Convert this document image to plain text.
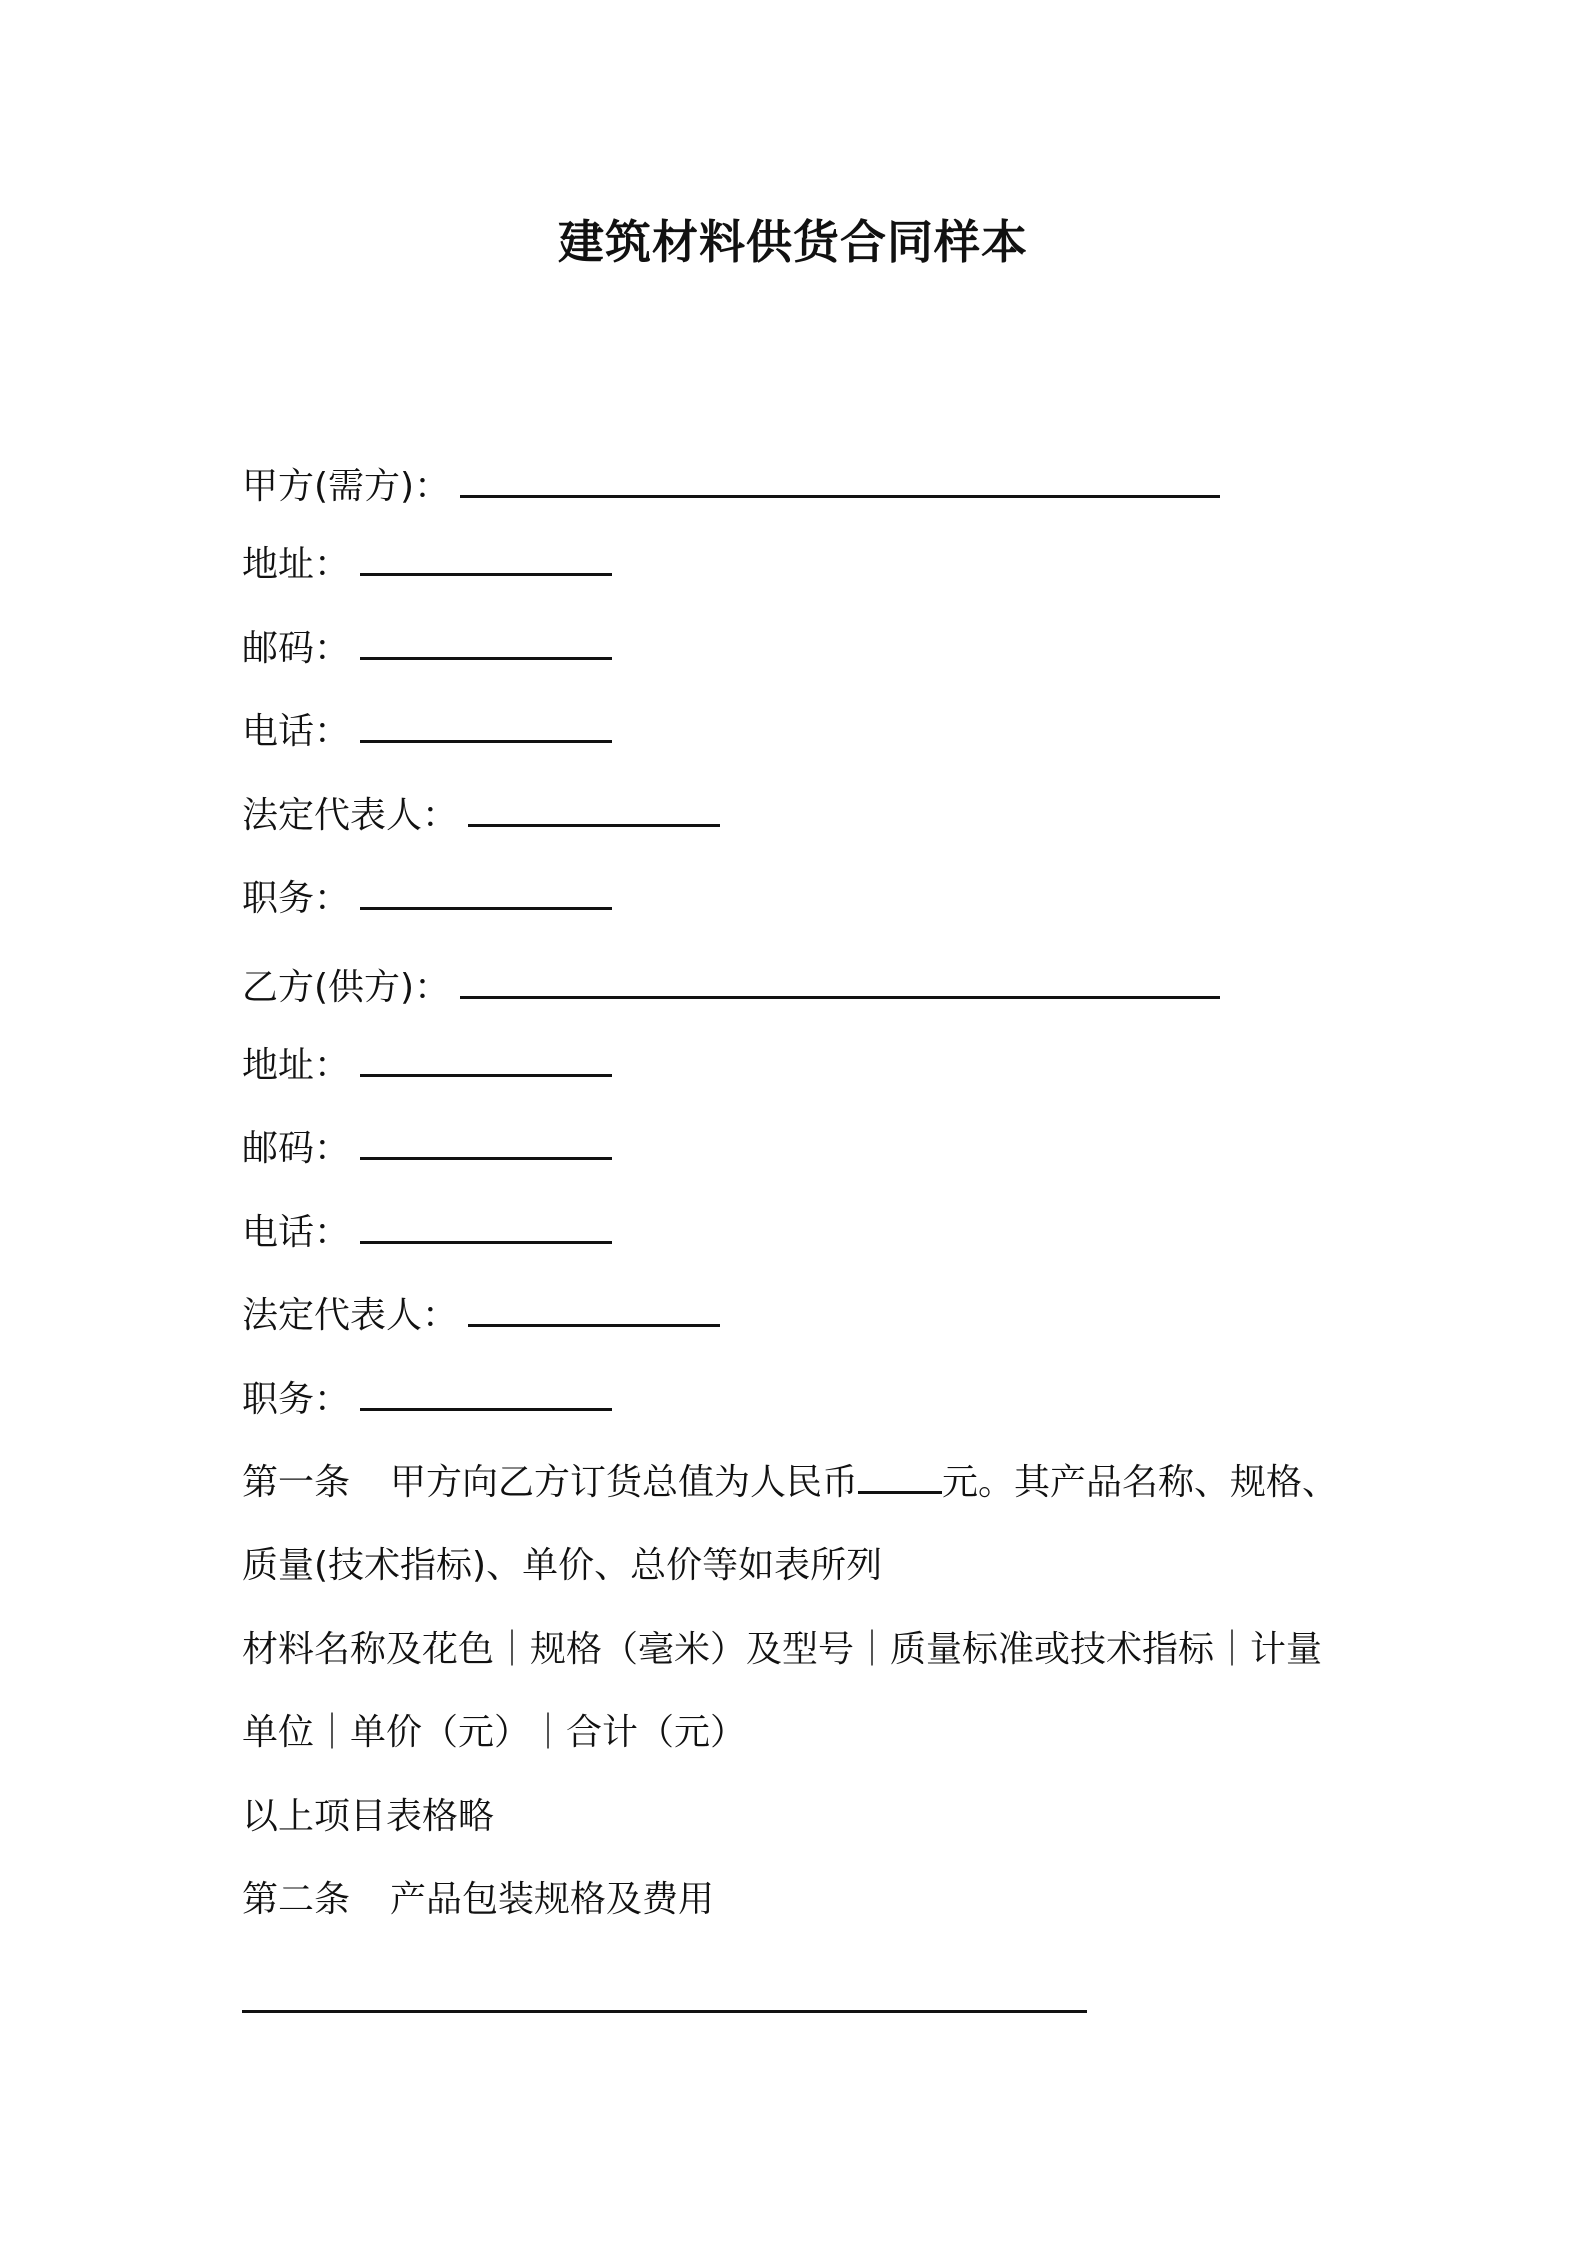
建筑材料供货合同样本
甲方(需方)：
地址：
邮码：
电话：
法定代表人：
职务：
乙方(供方)：
地址：
邮码：
电话：
法定代表人：
职务：
第一条 甲方向乙方订货总值为人民币 元。其产品名称、规格、
质量(技术指标)、单价、总价等如表所列
材料名称及花色｜规格（毫米）及型号｜质量标准或技术指标｜计量
单位｜单价（元）｜合计（元）
以上项目表格略
第二条 产品包装规格及费用
